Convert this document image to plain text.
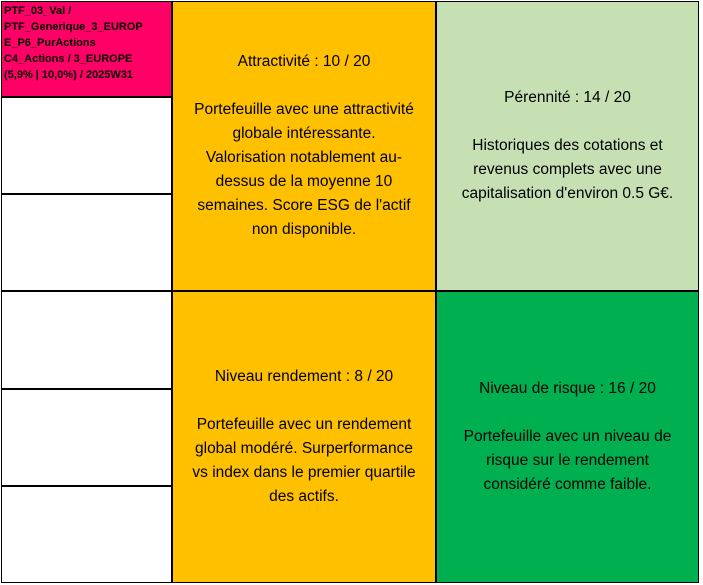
PTF_03_Val /
PTF_Generique_3_EUROP
E_P6_PurActions
C4_Actions / 3_EUROPE
(5,9% | 10,0%) / 2025W31
Attractivité : 10 / 20
Portefeuille avec une attractivité
globale intéressante.
Valorisation notablement au-
dessus de la moyenne 10
semaines. Score ESG de l'actif
non disponible.
Pérennité : 14 / 20
Historiques des cotations et
revenus complets avec une
capitalisation d'environ 0.5 G€.
Niveau rendement : 8 / 20
Portefeuille avec un rendement
global modéré. Surperformance
vs index dans le premier quartile
des actifs.
Niveau de risque : 16 / 20
Portefeuille avec un niveau de
risque sur le rendement
considéré comme faible.
